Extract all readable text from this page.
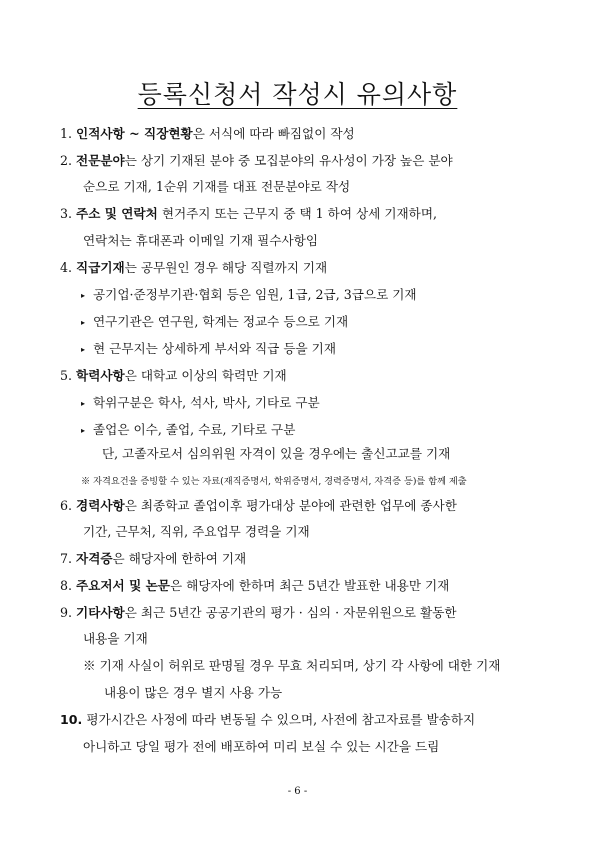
등록신청서 작성시 유의사항
1. 인적사항 ~ 직장현황은 서식에 따라 빠짐없이 작성
2. 전문분야는 상기 기재된 분야 중 모집분야의 유사성이 가장 높은 분야
순으로 기재, 1순위 기재를 대표 전문분야로 작성
3. 주소 및 연락처 현거주지 또는 근무지 중 택 1 하여 상세 기재하며,
연락처는 휴대폰과 이메일 기재 필수사항임
4. 직급기재는 공무원인 경우 해당 직렬까지 기재
▸ 공기업·준정부기관·협회 등은 임원, 1급, 2급, 3급으로 기재
▸ 연구기관은 연구원, 학계는 정교수 등으로 기재
▸ 현 근무지는 상세하게 부서와 직급 등을 기재
5. 학력사항은 대학교 이상의 학력만 기재
▸ 학위구분은 학사, 석사, 박사, 기타로 구분
▸ 졸업은 이수, 졸업, 수료, 기타로 구분
단, 고졸자로서 심의위원 자격이 있을 경우에는 출신고교를 기재
※ 자격요건을 증빙할 수 있는 자료(재직증명서, 학위증명서, 경력증명서, 자격증 등)를 함께 제출
6. 경력사항은 최종학교 졸업이후 평가대상 분야에 관련한 업무에 종사한
기간, 근무처, 직위, 주요업무 경력을 기재
7. 자격증은 해당자에 한하여 기재
8. 주요저서 및 논문은 해당자에 한하며 최근 5년간 발표한 내용만 기재
9. 기타사항은 최근 5년간 공공기관의 평가 · 심의 · 자문위원으로 활동한
내용을 기재
※ 기재 사실이 허위로 판명될 경우 무효 처리되며, 상기 각 사항에 대한 기재
내용이 많은 경우 별지 사용 가능
10. 평가시간은 사정에 따라 변동될 수 있으며, 사전에 참고자료를 발송하지
아니하고 당일 평가 전에 배포하여 미리 보실 수 있는 시간을 드림
- 6 -
